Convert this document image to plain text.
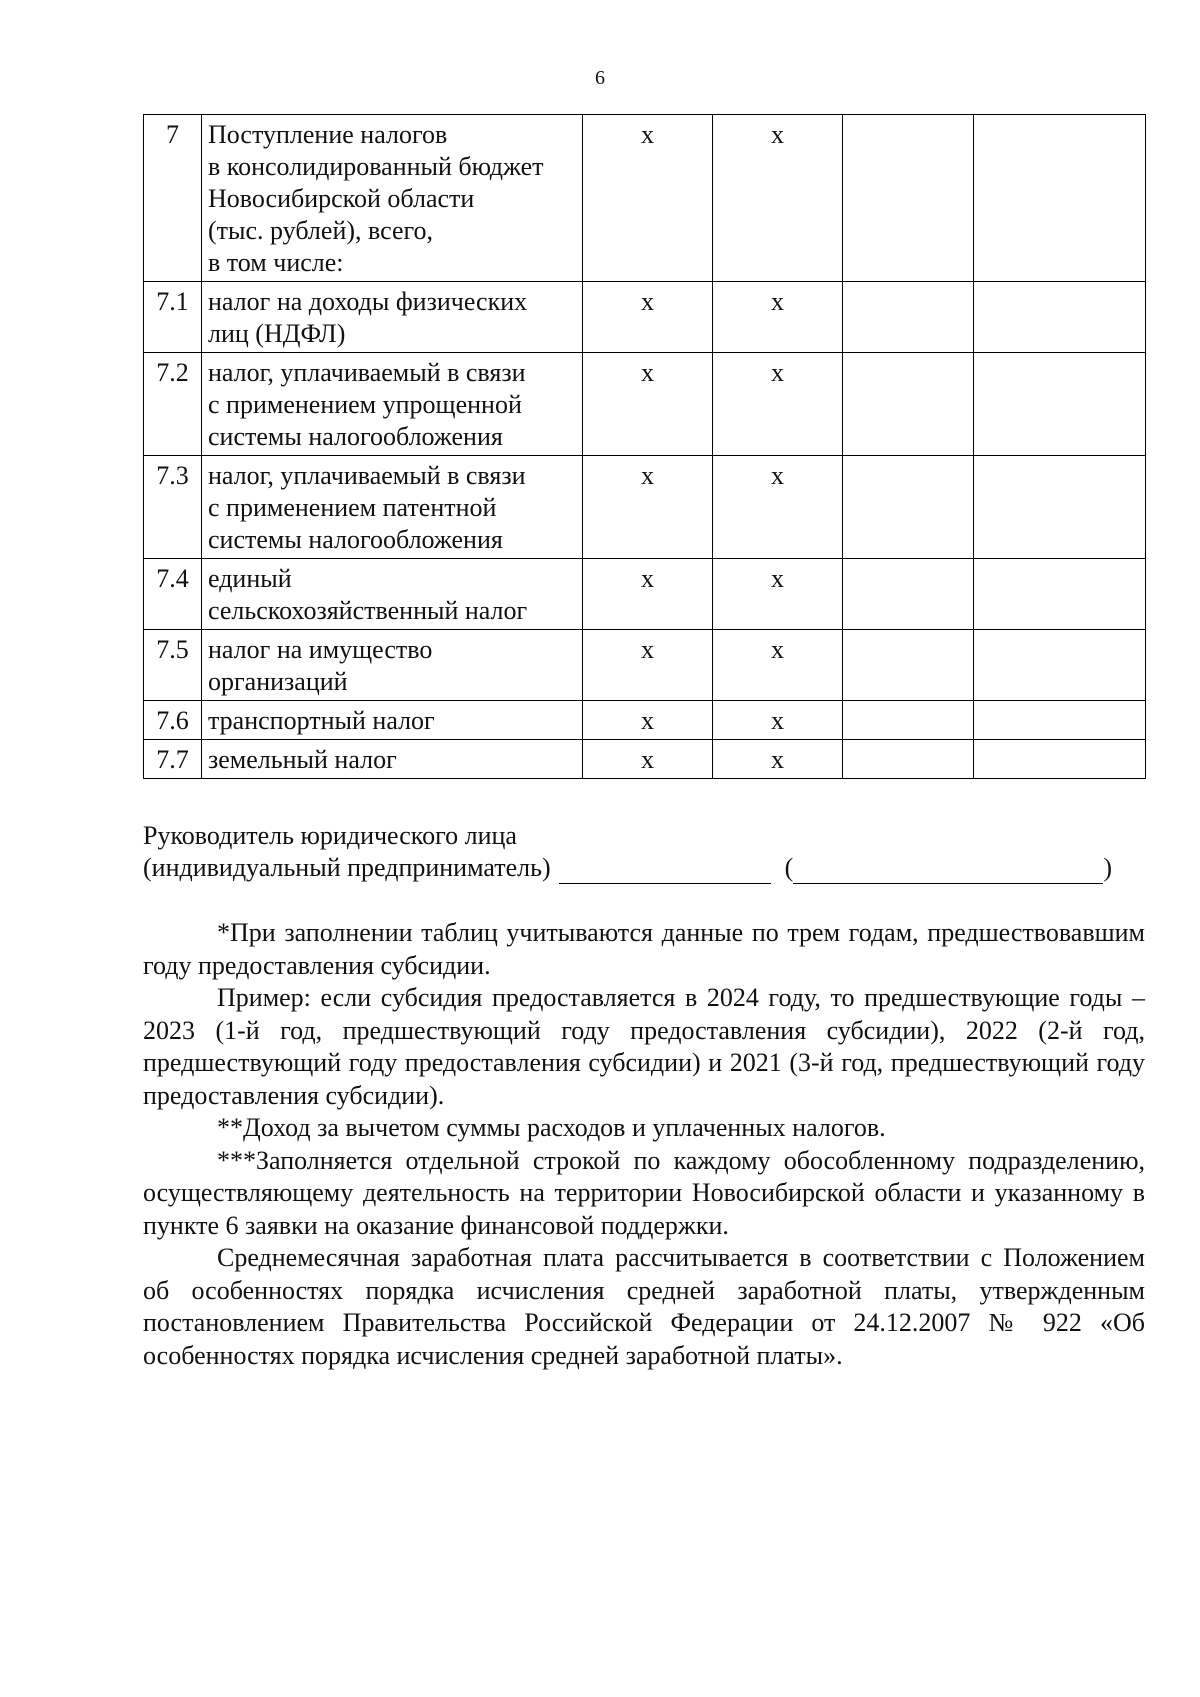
6
7	Поступление налогов
в консолидированный бюджет
Новосибирской области
(тыс. рублей), всего,
в том числе:	x	x		
7.1	налог на доходы физических
лиц (НДФЛ)	x	x		
7.2	налог, уплачиваемый в связи
с применением упрощенной
системы налогообложения	x	x		
7.3	налог, уплачиваемый в связи
с применением патентной
системы налогообложения	x	x		
7.4	единый
сельскохозяйственный налог	x	x		
7.5	налог на имущество
организаций	x	x		
7.6	транспортный налог	x	x		
7.7	земельный налог	x	x		
Руководитель юридического лица
(индивидуальный предприниматель)	(	)

*При заполнении таблиц учитываются данные по трем годам, предшествовавшим году предоставления субсидии.

Пример: если субсидия предоставляется в 2024 году, то предшествующие годы – 2023 (1-й год, предшествующий году предоставления субсидии), 2022 (2-й год, предшествующий году предоставления субсидии) и 2021 (3-й год, предшествующий году предоставления субсидии).

**Доход за вычетом суммы расходов и уплаченных налогов.

***Заполняется отдельной строкой по каждому обособленному подразделению, осуществляющему деятельность на территории Новосибирской области и указанному в пункте 6 заявки на оказание финансовой поддержки.

Среднемесячная заработная плата рассчитывается в соответствии с Положением об особенностях порядка исчисления средней заработной платы, утвержденным постановлением Правительства Российской Федерации от 24.12.2007 № 922 «Об особенностях порядка исчисления средней заработной платы».
